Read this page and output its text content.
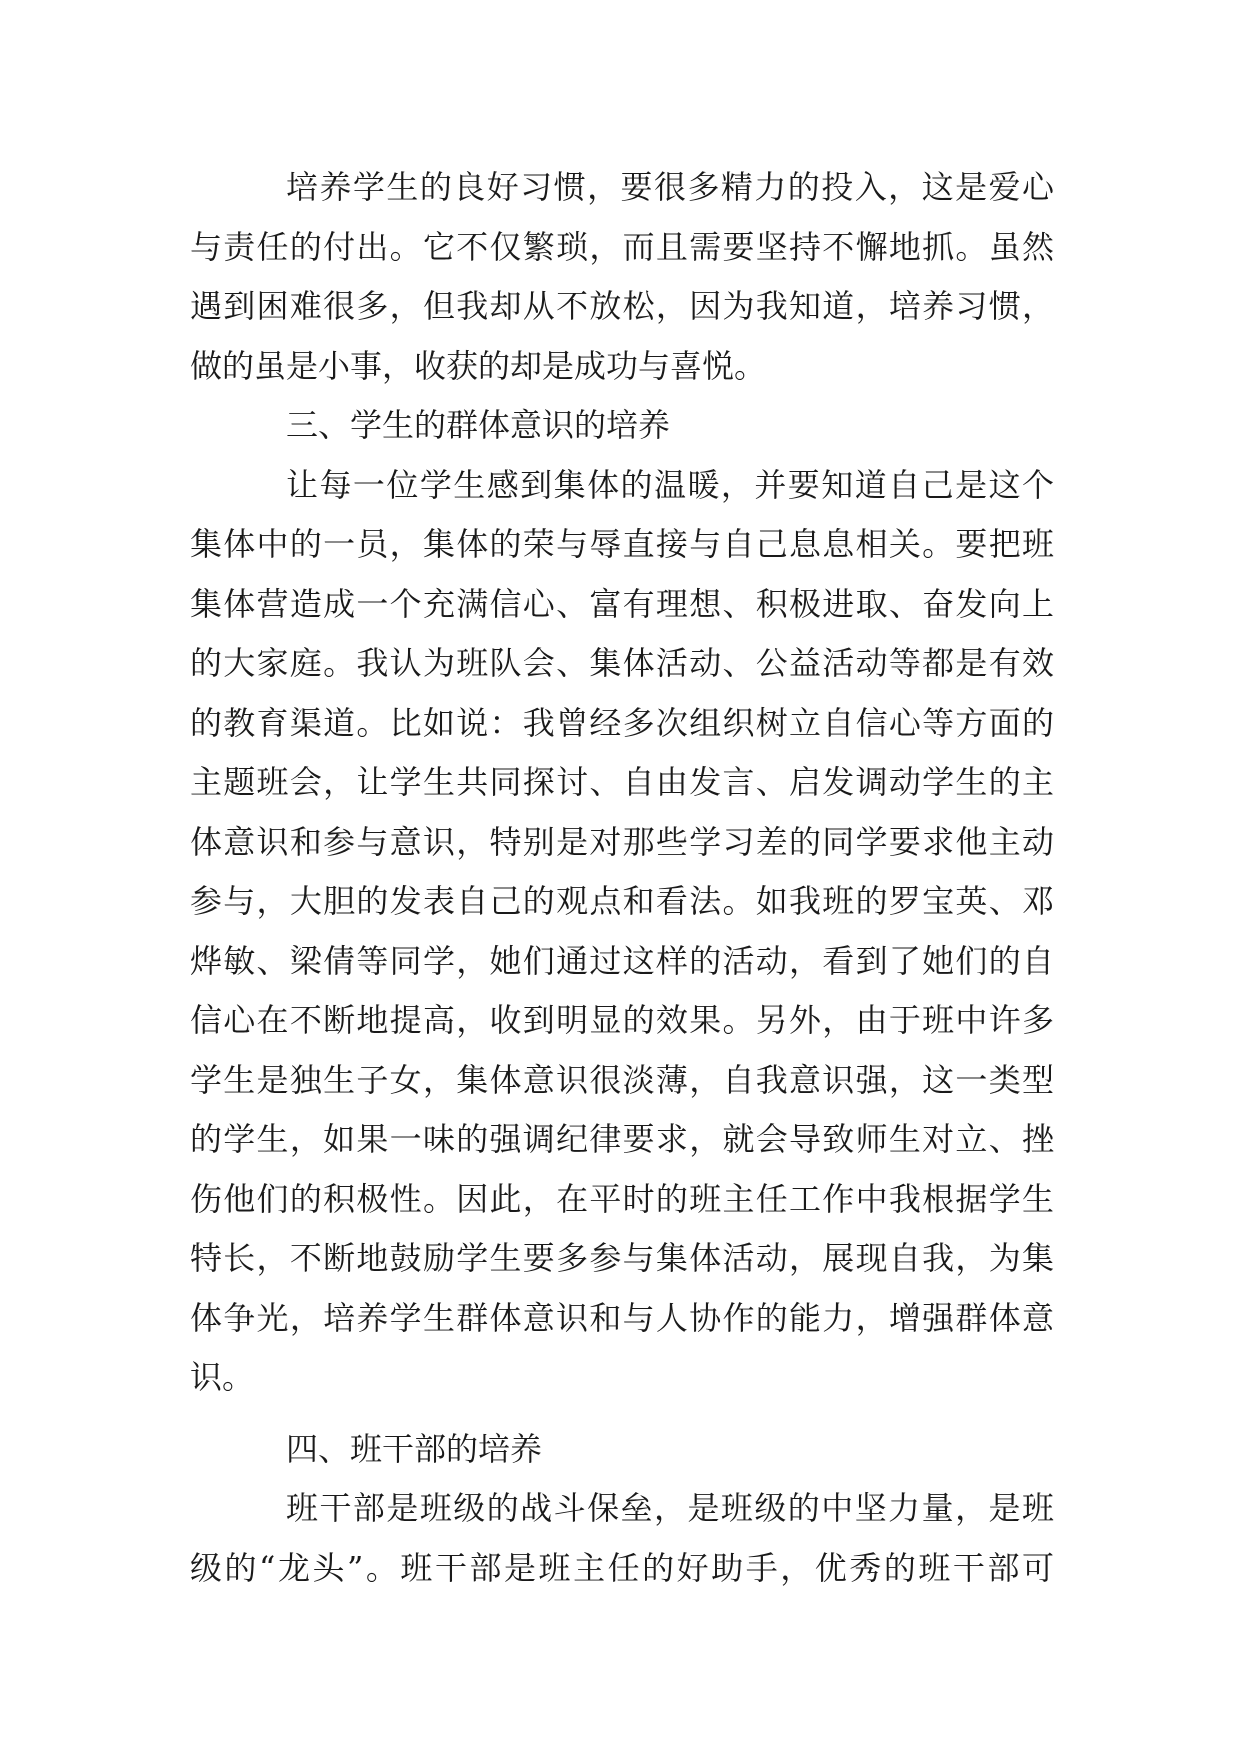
培养学生的良好习惯，要很多精力的投入，这是爱心
与责任的付出。它不仅繁琐，而且需要坚持不懈地抓。虽然
遇到困难很多，但我却从不放松，因为我知道，培养习惯，
做的虽是小事，收获的却是成功与喜悦。
三、学生的群体意识的培养
让每一位学生感到集体的温暖，并要知道自己是这个
集体中的一员，集体的荣与辱直接与自己息息相关。要把班
集体营造成一个充满信心、富有理想、积极进取、奋发向上
的大家庭。我认为班队会、集体活动、公益活动等都是有效
的教育渠道。比如说：我曾经多次组织树立自信心等方面的
主题班会，让学生共同探讨、自由发言、启发调动学生的主
体意识和参与意识，特别是对那些学习差的同学要求他主动
参与，大胆的发表自己的观点和看法。如我班的罗宝英、邓
烨敏、梁倩等同学，她们通过这样的活动，看到了她们的自
信心在不断地提高，收到明显的效果。另外，由于班中许多
学生是独生子女，集体意识很淡薄，自我意识强，这一类型
的学生，如果一味的强调纪律要求，就会导致师生对立、挫
伤他们的积极性。因此，在平时的班主任工作中我根据学生
特长，不断地鼓励学生要多参与集体活动，展现自我，为集
体争光，培养学生群体意识和与人协作的能力，增强群体意
识。
四、班干部的培养
班干部是班级的战斗保垒，是班级的中坚力量，是班
级的“龙头”。班干部是班主任的好助手，优秀的班干部可
